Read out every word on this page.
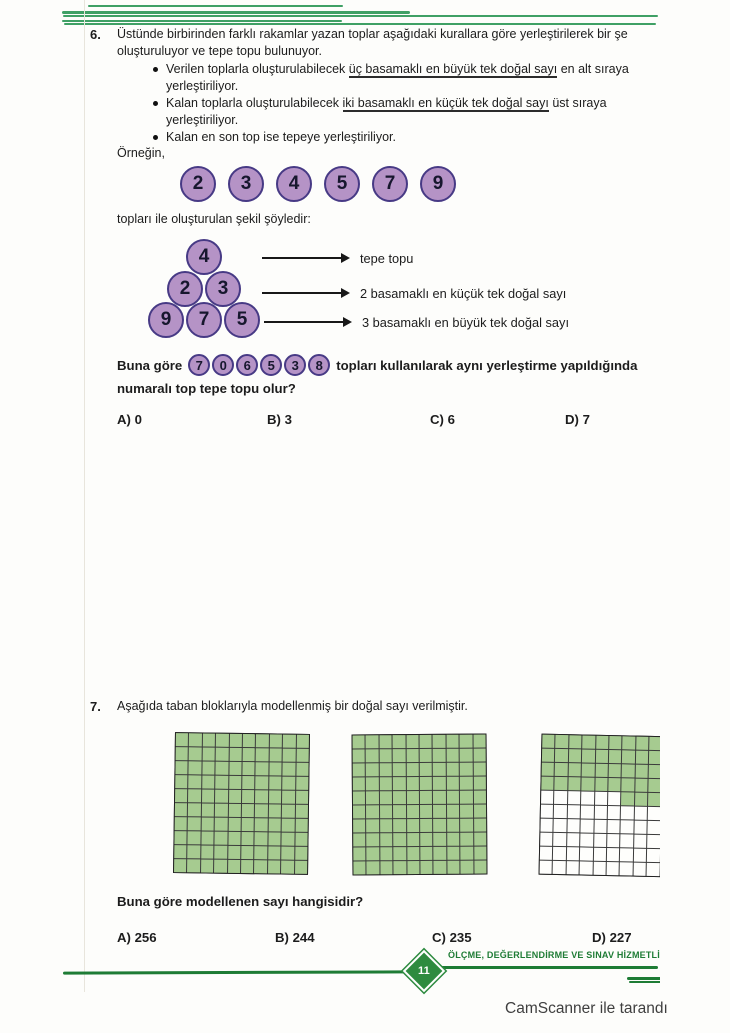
6. Üstünde birbirinden farklı rakamlar yazan toplar aşağıdaki kurallara göre yerleştirilerek bir şe
oluşturuluyor ve tepe topu bulunuyor.
Verilen toplarla oluşturulabilecek üç basamaklı en büyük tek doğal sayı en alt sıraya
yerleştiriliyor.
Kalan toplarla oluşturulabilecek iki basamaklı en küçük tek doğal sayı üst sıraya
yerleştiriliyor.
Kalan en son top ise tepeye yerleştiriliyor.
Örneğin,
2	3	4	5	7	9
topları ile oluşturulan şekil şöyledir:
4
2	3
9	7	5
tepe topu
2 basamaklı en küçük tek doğal sayı
3 basamaklı en büyük tek doğal sayı
Buna göre	7	0	6	5	3	8	topları kullanılarak aynı yerleştirme yapıldığında
numaralı top tepe topu olur?
A) 0	B) 3	C) 6	D) 7
7. Aşağıda taban bloklarıyla modellenmiş bir doğal sayı verilmiştir.
Buna göre modellenen sayı hangisidir?
A) 256	B) 244	C) 235	D) 227
ÖLÇME, DEĞERLENDİRME VE SINAV HİZMETLİ
11
CamScanner ile tarandı
